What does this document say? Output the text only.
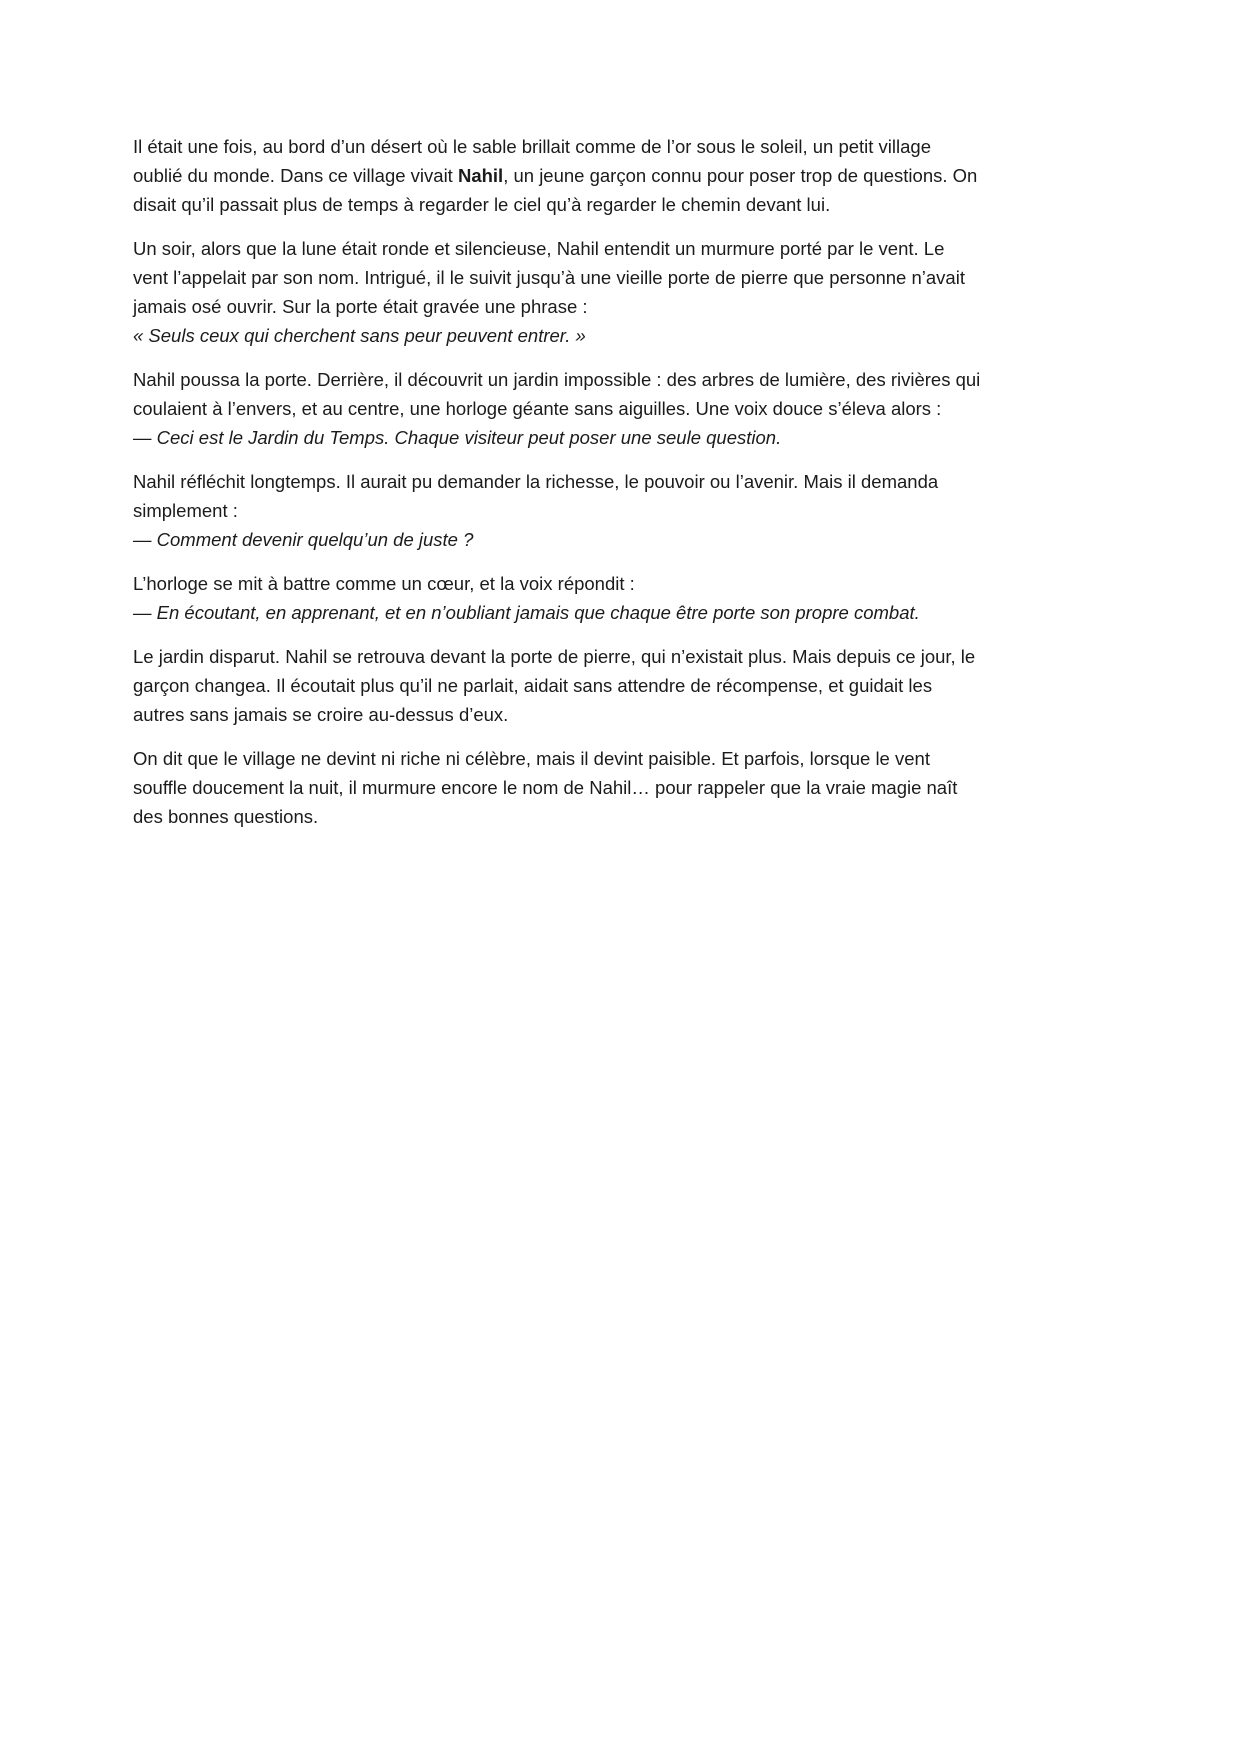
Il était une fois, au bord d’un désert où le sable brillait comme de l’or sous le soleil, un petit village oublié du monde. Dans ce village vivait Nahil, un jeune garçon connu pour poser trop de questions. On disait qu’il passait plus de temps à regarder le ciel qu’à regarder le chemin devant lui.

Un soir, alors que la lune était ronde et silencieuse, Nahil entendit un murmure porté par le vent. Le vent l’appelait par son nom. Intrigué, il le suivit jusqu’à une vieille porte de pierre que personne n’avait jamais osé ouvrir. Sur la porte était gravée une phrase :
« Seuls ceux qui cherchent sans peur peuvent entrer. »

Nahil poussa la porte. Derrière, il découvrit un jardin impossible : des arbres de lumière, des rivières qui coulaient à l’envers, et au centre, une horloge géante sans aiguilles. Une voix douce s’éleva alors :
— Ceci est le Jardin du Temps. Chaque visiteur peut poser une seule question.

Nahil réfléchit longtemps. Il aurait pu demander la richesse, le pouvoir ou l’avenir. Mais il demanda simplement :
— Comment devenir quelqu’un de juste ?

L’horloge se mit à battre comme un cœur, et la voix répondit :
— En écoutant, en apprenant, et en n’oubliant jamais que chaque être porte son propre combat.

Le jardin disparut. Nahil se retrouva devant la porte de pierre, qui n’existait plus. Mais depuis ce jour, le garçon changea. Il écoutait plus qu’il ne parlait, aidait sans attendre de récompense, et guidait les autres sans jamais se croire au-dessus d’eux.

On dit que le village ne devint ni riche ni célèbre, mais il devint paisible. Et parfois, lorsque le vent souffle doucement la nuit, il murmure encore le nom de Nahil… pour rappeler que la vraie magie naît des bonnes questions.
